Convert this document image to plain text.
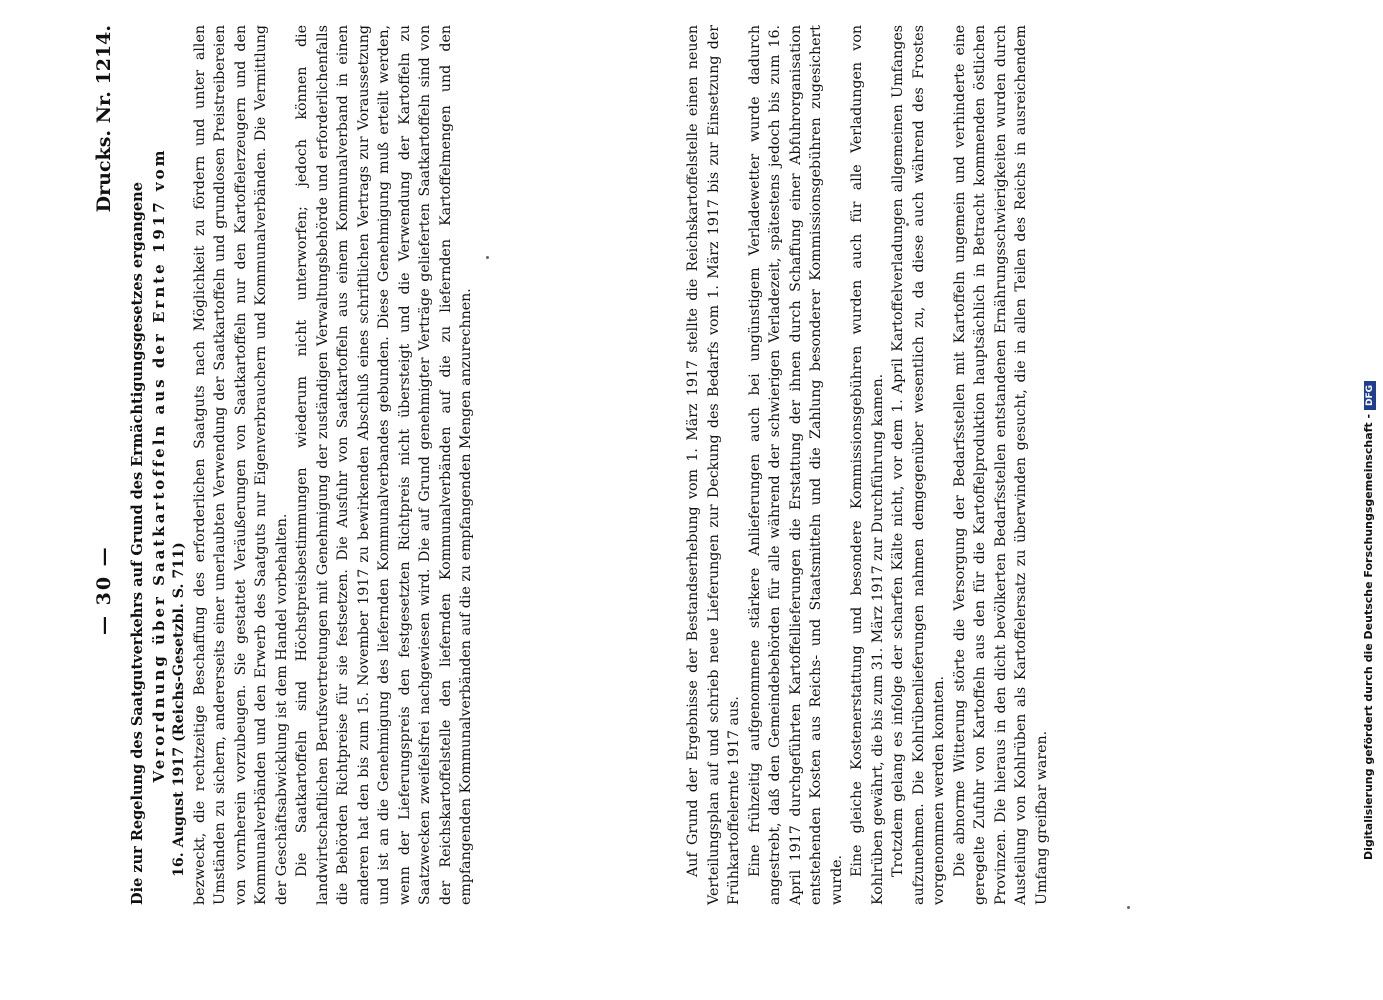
— 30 —
Drucks. Nr. 1214.

Die zur Regelung des Saatgutverkehrs auf Grund des Ermächtigungsgesetzes ergangene Verordnung über Saatkartoffeln aus der Ernte 1917 vom 16. August 1917 (Reichs-Gesetzbl. S. 711) bezweckt, die rechtzeitige Beschaffung des erforderlichen Saatguts nach Möglichkeit zu fördern und unter allen Umständen zu sichern, andererseits einer unerlaubten Verwendung der Saatkartoffeln und grundlosen Preistreibereien von vornherein vorzubeugen. Sie gestattet Veräußerungen von Saatkartoffeln nur den Kartoffelerzeugern und den Kommunalverbänden und den Erwerb des Saatguts nur Eigenverbrauchern und Kommunalverbänden. Die Vermittlung der Geschäftsabwicklung ist dem Handel vorbehalten. Die Saatkartoffeln sind Höchstpreisbestimmungen wiederum nicht unterworfen; jedoch können die landwirtschaftlichen Berufsvertretungen mit Genehmigung der zuständigen Verwaltungsbehörde und erforderlichenfalls die Behörden Richtpreise für sie festsetzen. Die Ausfuhr von Saatkartoffeln aus einem Kommunalverband in einen anderen hat den bis zum 15. November 1917 zu bewirkenden Abschluß eines schriftlichen Vertrags zur Voraussetzung und ist an die Genehmigung des liefernden Kommunalverbandes gebunden. Diese Genehmigung muß erteilt werden, wenn der Lieferungspreis den festgesetzten Richtpreis nicht übersteigt und die Verwendung der Kartoffeln zu Saatzwecken zweifelsfrei nachgewiesen wird. Die auf Grund genehmigter Verträge gelieferten Saatkartoffeln sind von der Reichskartoffelstelle den liefernden Kommunalverbänden auf die zu liefernden Kartoffelmengen und den empfangenden Kommunalverbänden auf die zu empfangenden Mengen anzurechnen.	Auf Grund der Ergebnisse der Bestandserhebung vom 1. März 1917 stellte die Reichskartoffelstelle einen neuen Verteilungsplan auf und schrieb neue Lieferungen zur Deckung des Bedarfs vom 1. März 1917 bis zur Einsetzung der Frühkartoffelernte 1917 aus. Eine frühzeitig aufgenommene stärkere Anlieferungen auch bei ungünstigem Verladewetter wurde dadurch angestrebt, daß den Gemeindebehörden für alle während der schwierigen Verladezeit, spätestens jedoch bis zum 16. April 1917 durchgeführten Kartoffellieferungen die Erstattung der ihnen durch Schaffung einer Abfuhrorganisation entstehenden Kosten aus Reichs- und Staatsmitteln und die Zahlung besonderer Kommissionsgebühren zugesichert wurde.

Eine gleiche Kostenerstattung und besondere Kommissionsgebühren wurden auch für alle Verladungen von Kohlrüben gewährt, die bis zum 31. März 1917 zur Durchführung kamen. Trotzdem gelang es infolge der scharfen Kälte nicht, vor dem 1. April Kartoffelverladungen allgemeinen Umfanges aufzunehmen. Die Kohlrübenlieferungen nahmen demgegenüber wesentlich zu, da diese auch während des Frostes vorgenommen werden konnten. Die abnorme Witterung störte die Versorgung der Bedarfsstellen mit Kartoffeln ungemein und verhinderte eine geregelte Zufuhr von Kartoffeln aus den für die Kartoffelproduktion hauptsächlich in Betracht kommenden östlichen Provinzen. Die hieraus in den dicht bevölkerten Bedarfsstellen entstandenen Ernährungsschwierigkeiten wurden durch Austeilung von Kohlrüben als Kartoffelersatz zu überwinden gesucht, die in allen Teilen des Reichs in ausreichendem Umfang greifbar waren.	Digitalisierung gefördert durch die Deutsche Forschungsgemeinschaft -DFG
